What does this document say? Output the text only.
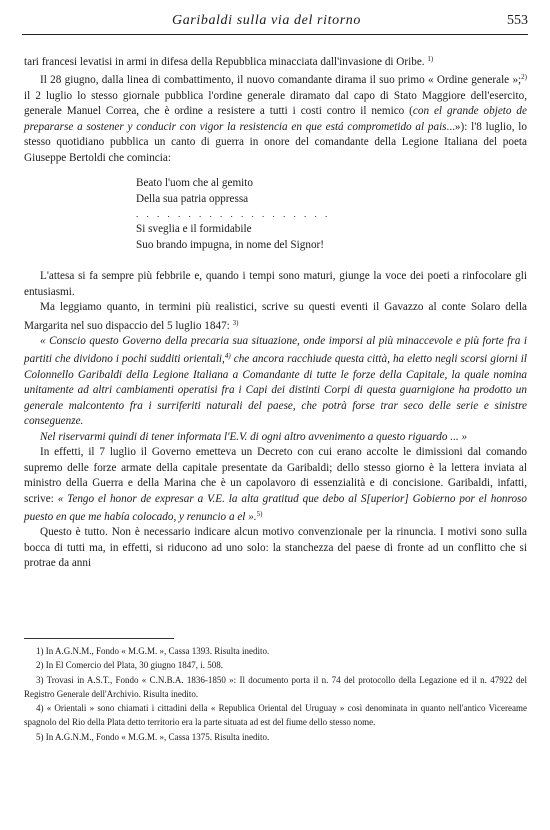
Garibaldi sulla via del ritorno	553

tari francesi levatisi in armi in difesa della Repubblica minacciata dall'invasione di Oribe. $^{1)}$

Il 28 giugno, dalla linea di combattimento, il nuovo comandante dirama il suo primo « Ordine generale »;$^{2)}$ il 2 luglio lo stesso giornale pubblica l'ordine generale diramato dal capo di Stato Maggiore dell'esercito, generale Manuel Correa, che è ordine a resistere a tutti i costi contro il nemico (con el grande objeto de prepararse a sostener y conducir con vigor la resistencia en que está comprometido al pais...»): l'8 luglio, lo stesso quotidiano pubblica un canto di guerra in onore del comandante della Legione Italiana del poeta Giuseppe Bertoldi che comincia:

Beato l'uom che al gemito
Della sua patria oppressa
. . . . . . . . . . . . . . . . . . .
Si sveglia e il formidabile
Suo brando impugna, in nome del Signor!

L'attesa si fa sempre più febbrile e, quando i tempi sono maturi, giunge la voce dei poeti a rinfocolare gli entusiasmi.

Ma leggiamo quanto, in termini più realistici, scrive su questi eventi il Gavazzo al conte Solaro della Margarita nel suo dispaccio del 5 luglio 1847: $^{3)}$

« Conscio questo Governo della precaria sua situazione, onde imporsi al più minaccevole e più forte fra i partiti che dividono i pochi sudditi orientali,$^{4)}$ che ancora racchiude questa città, ha eletto negli scorsi giorni il Colonnello Garibaldi della Legione Italiana a Comandante di tutte le forze della Capitale, la quale nomina unitamente ad altri cambiamenti operatisi fra i Capi dei distinti Corpi di questa guarnigione ha prodotto un generale malcontento fra i surriferiti naturali del paese, che potrà forse trar seco delle serie e sinistre conseguenze.

Nel riservarmi quindi di tener informata l'E.V. di ogni altro avvenimento a questo riguardo ... »

In effetti, il 7 luglio il Governo emetteva un Decreto con cui erano accolte le dimissioni dal comando supremo delle forze armate della capitale presentate da Garibaldi; dello stesso giorno è la lettera inviata al ministro della Guerra e della Marina che è un capolavoro di essenzialità e di concisione. Garibaldi, infatti, scrive: « Tengo el honor de expresar a V.E. la alta gratitud que debo al S[uperior] Gobierno por el honroso puesto en que me había colocado, y renuncio a el ».$^{5)}$

Questo è tutto. Non è necessario indicare alcun motivo convenzionale per la rinuncia. I motivi sono sulla bocca di tutti ma, in effetti, si riducono ad uno solo: la stanchezza del paese di fronte ad un conflitto che si protrae da anni

1) In A.G.N.M., Fondo « M.G.M. », Cassa 1393. Risulta inedito.

2) In El Comercio del Plata, 30 giugno 1847, i. 508.

3) Trovasi in A.S.T., Fondo « C.N.B.A. 1836-1850 »: Il documento porta il n. 74 del protocollo della Legazione ed il n. 47922 del Registro Generale dell'Archivio. Risulta inedito.

4) « Orientali » sono chiamati i cittadini della « Republica Oriental del Uruguay » così denominata in quanto nell'antico Vicereame spagnolo del Rio della Plata detto territorio era la parte situata ad est del fiume dello stesso nome.

5) In A.G.N.M., Fondo « M.G.M. », Cassa 1375. Risulta inedito.
